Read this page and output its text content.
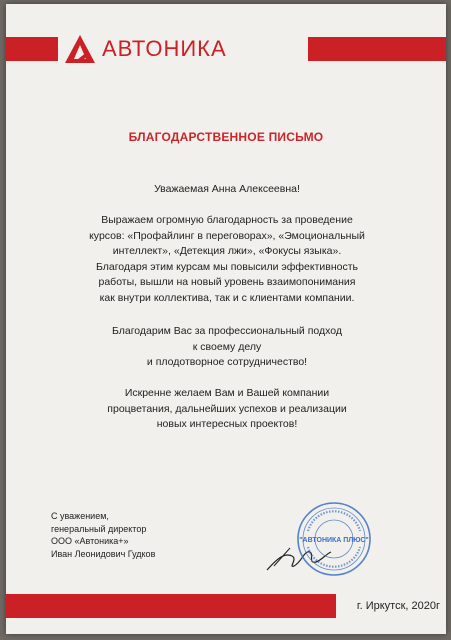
АВТОНИКА
БЛАГОДАРСТВЕННОЕ ПИСЬМО

Уважаемая Анна Алексеевна!

Выражаем огромную благодарность за проведение
курсов: «Профайлинг в переговорах», «Эмоциональный
интеллект», «Детекция лжи», «Фокусы языка».
Благодаря этим курсам мы повысили эффективность
работы, вышли на новый уровень взаимопонимания
как внутри коллектива, так и с клиентами компании.

Благодарим Вас за профессиональный подход
к своему делу
и плодотворное сотрудничество!

Искренне желаем Вам и Вашей компании
процветания, дальнейших успехов и реализации
новых интересных проектов!

С уважением,
генеральный директор
ООО «Автоника+»
Иван Леонидович Гудков
"АВТОНИКА ПЛЮС"
г. Иркутск, 2020г
